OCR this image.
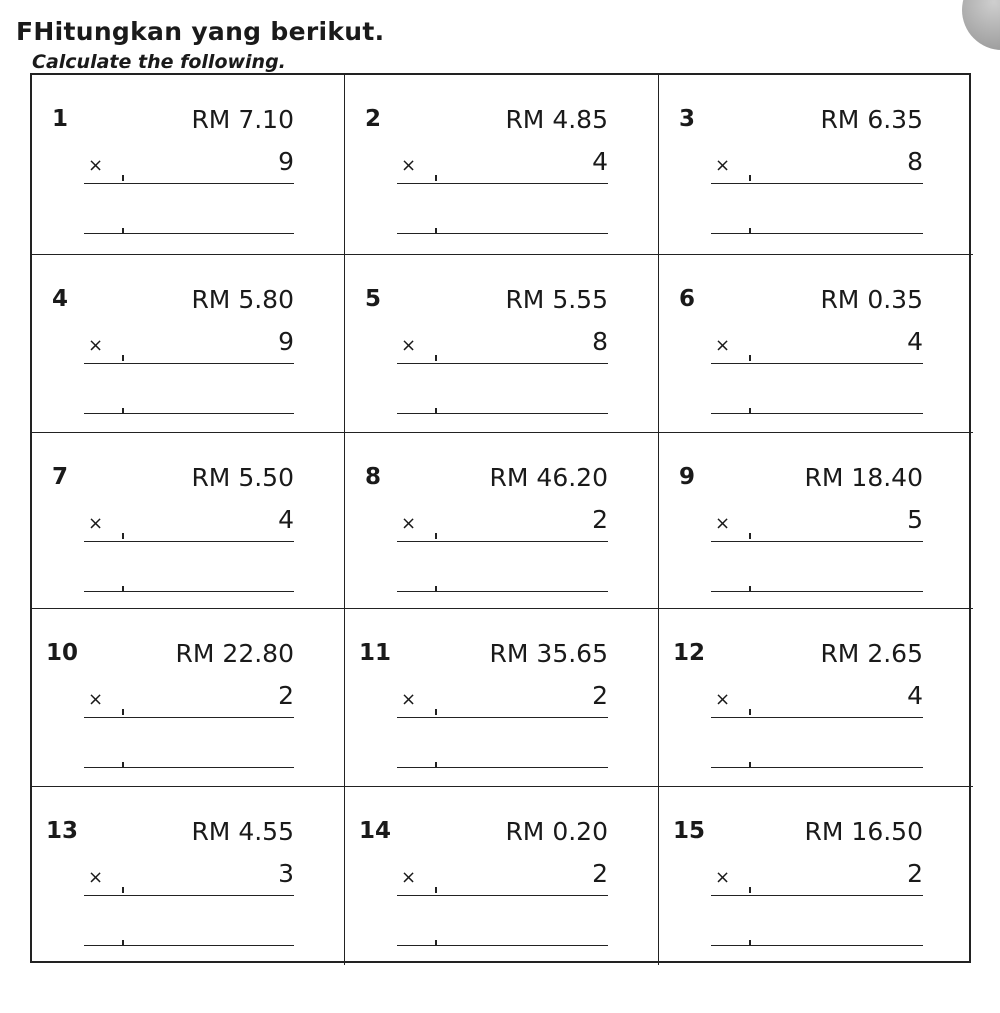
FHitungkan yang berikut.

Calculate the following.

1	RM 7.10
×	9
2	RM 4.85
×	4
3	RM 6.35
×	8
4	RM 5.80
×	9
5	RM 5.55
×	8
6	RM 0.35
×	4
7	RM 5.50
×	4
8	RM 46.20
×	2
9	RM 18.40
×	5
10	RM 22.80
×	2
11	RM 35.65
×	2
12	RM 2.65
×	4
13	RM 4.55
×	3
14	RM 0.20
×	2
15	RM 16.50
×	2
